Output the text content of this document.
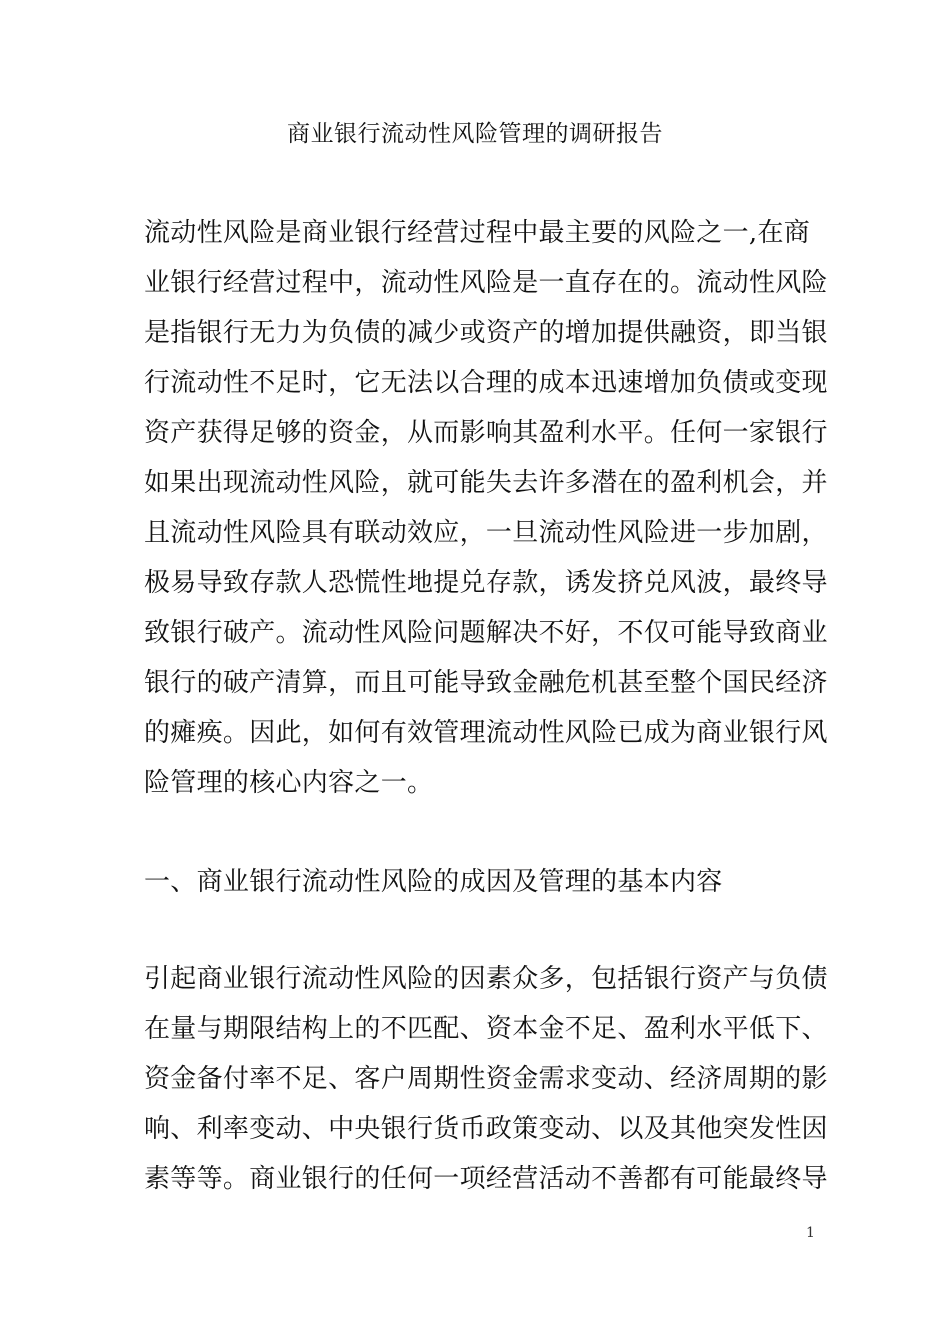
商业银行流动性风险管理的调研报告
流动性风险是商业银行经营过程中最主要的风险之一,在商
业银行经营过程中，流动性风险是一直存在的。流动性风险
是指银行无力为负债的减少或资产的增加提供融资，即当银
行流动性不足时，它无法以合理的成本迅速增加负债或变现
资产获得足够的资金，从而影响其盈利水平。任何一家银行
如果出现流动性风险，就可能失去许多潜在的盈利机会，并
且流动性风险具有联动效应，一旦流动性风险进一步加剧，
极易导致存款人恐慌性地提兑存款，诱发挤兑风波，最终导
致银行破产。流动性风险问题解决不好，不仅可能导致商业
银行的破产清算，而且可能导致金融危机甚至整个国民经济
的瘫痪。因此，如何有效管理流动性风险已成为商业银行风
险管理的核心内容之一。
一、商业银行流动性风险的成因及管理的基本内容
引起商业银行流动性风险的因素众多，包括银行资产与负债
在量与期限结构上的不匹配、资本金不足、盈利水平低下、
资金备付率不足、客户周期性资金需求变动、经济周期的影
响、利率变动、中央银行货币政策变动、以及其他突发性因
素等等。商业银行的任何一项经营活动不善都有可能最终导
1
